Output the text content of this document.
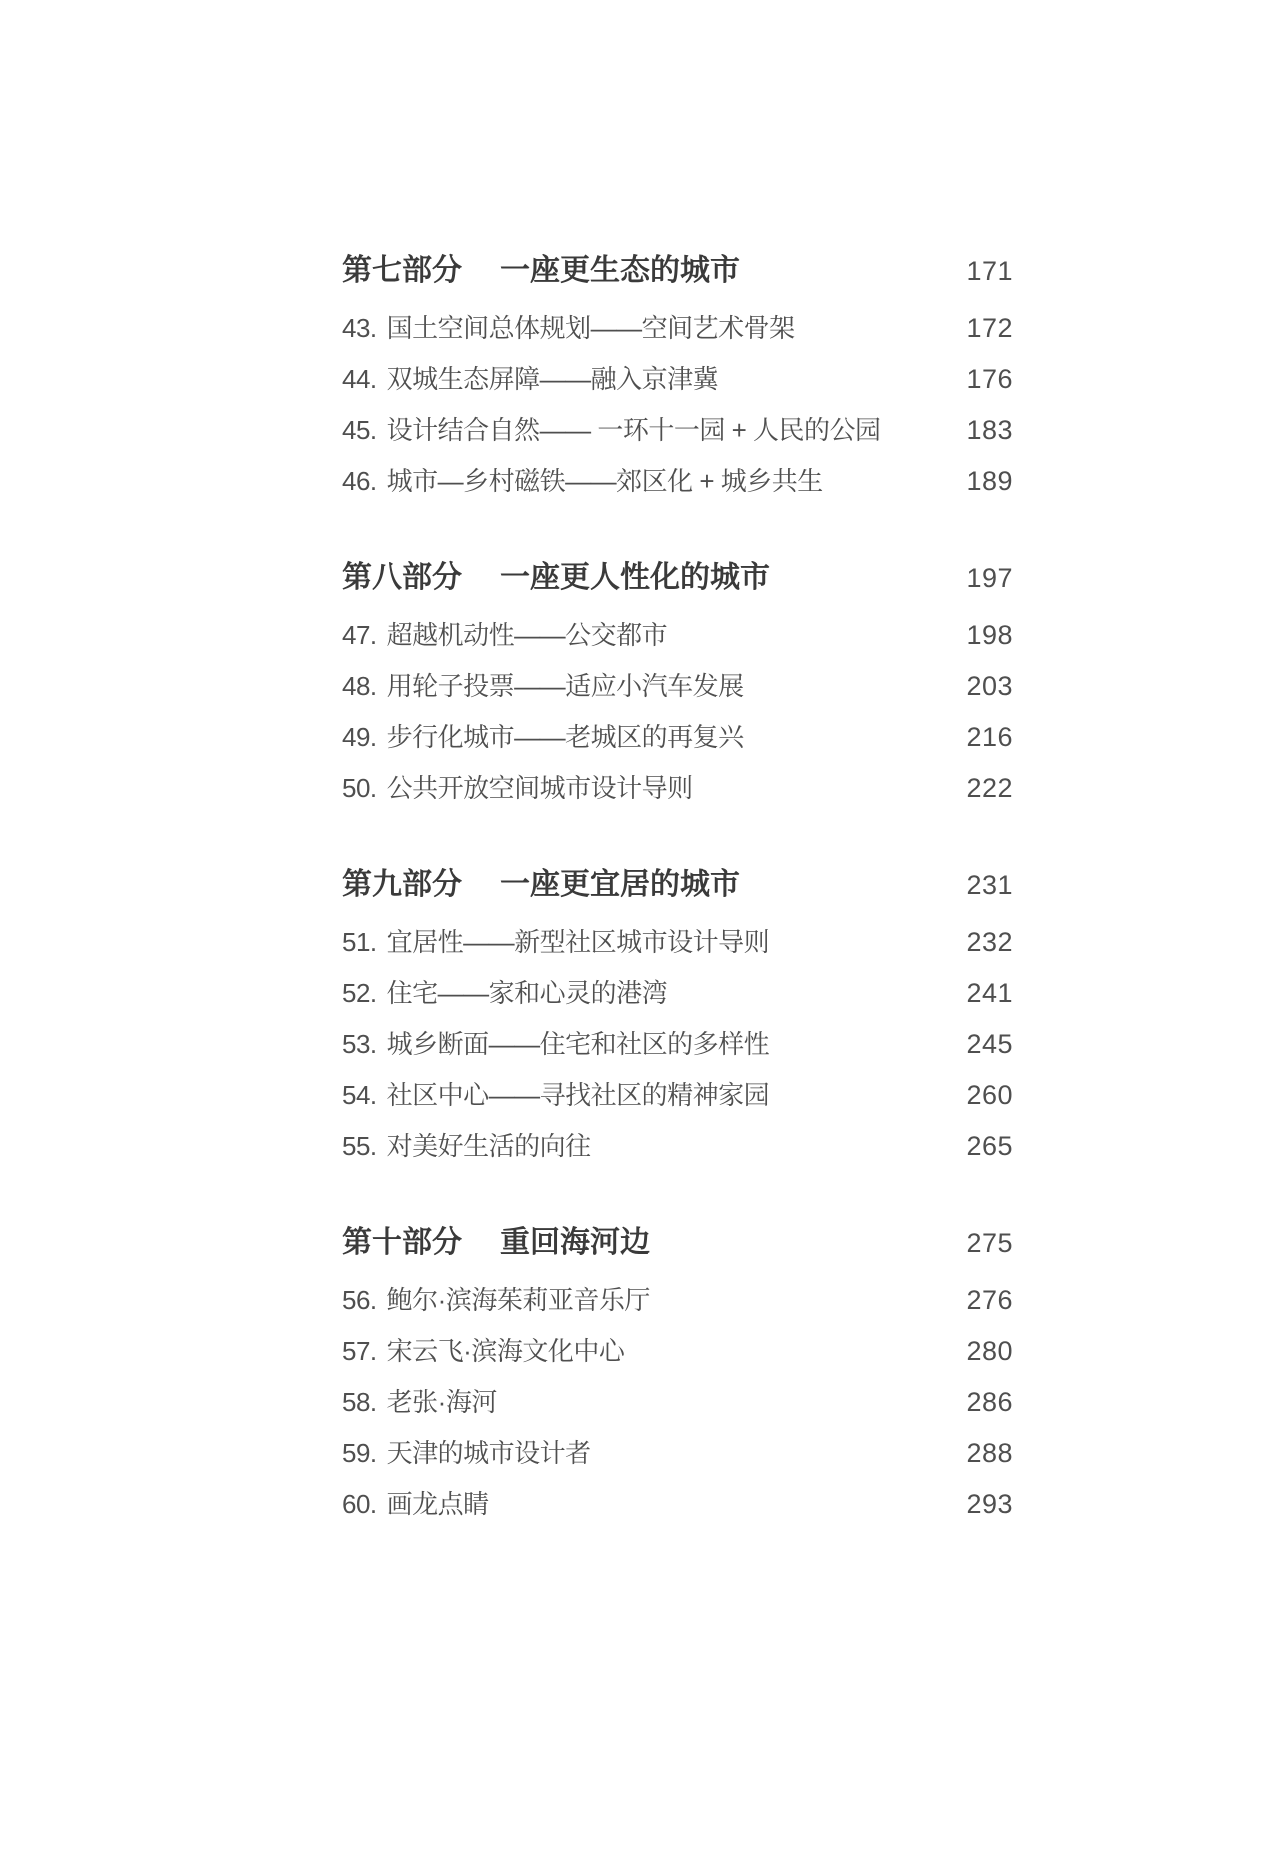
第七部分 一座更生态的城市	171
43. 国土空间总体规划——空间艺术骨架	172
44. 双城生态屏障——融入京津冀	176
45. 设计结合自然—— 一环十一园 + 人民的公园	183
46. 城市—乡村磁铁——郊区化 + 城乡共生	189
第八部分 一座更人性化的城市	197
47. 超越机动性——公交都市	198
48. 用轮子投票——适应小汽车发展	203
49. 步行化城市——老城区的再复兴	216
50. 公共开放空间城市设计导则	222
第九部分 一座更宜居的城市	231
51. 宜居性——新型社区城市设计导则	232
52. 住宅——家和心灵的港湾	241
53. 城乡断面——住宅和社区的多样性	245
54. 社区中心——寻找社区的精神家园	260
55. 对美好生活的向往	265
第十部分 重回海河边	275
56. 鲍尔·滨海茱莉亚音乐厅	276
57. 宋云飞·滨海文化中心	280
58. 老张·海河	286
59. 天津的城市设计者	288
60. 画龙点睛	293
